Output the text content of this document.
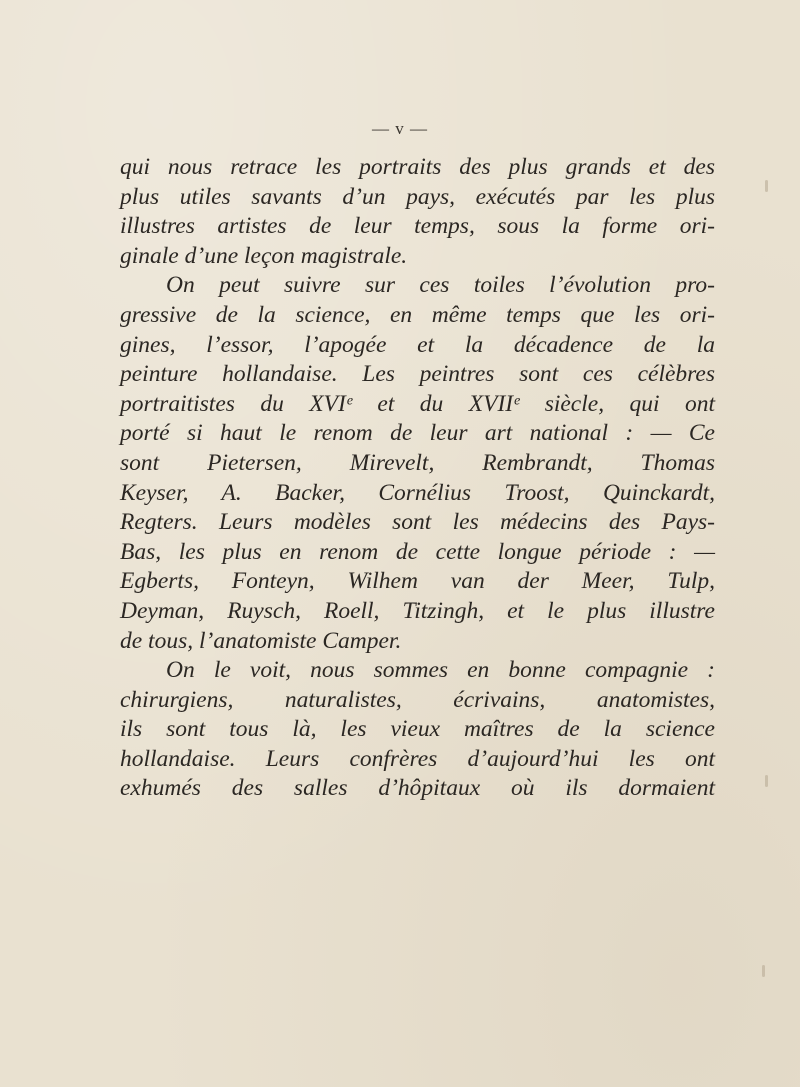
— v —
qui nous retrace les portraits des plus grands et des
plus utiles savants d’un pays, exécutés par les plus
illustres artistes de leur temps, sous la forme ori-
ginale d’une leçon magistrale.
On peut suivre sur ces toiles l’évolution pro-
gressive de la science, en même temps que les ori-
gines, l’essor, l’apogée et la décadence de la
peinture hollandaise. Les peintres sont ces célèbres
portraitistes du XVIᵉ et du XVIIᵉ siècle, qui ont
porté si haut le renom de leur art national : — Ce
sont Pietersen, Mirevelt, Rembrandt, Thomas
Keyser, A. Backer, Cornélius Troost, Quinckardt,
Regters. Leurs modèles sont les médecins des Pays-
Bas, les plus en renom de cette longue période : —
Egberts, Fonteyn, Wilhem van der Meer, Tulp,
Deyman, Ruysch, Roell, Titzingh, et le plus illustre
de tous, l’anatomiste Camper.
On le voit, nous sommes en bonne compagnie :
chirurgiens, naturalistes, écrivains, anatomistes,
ils sont tous là, les vieux maîtres de la science
hollandaise. Leurs confrères d’aujourd’hui les ont
exhumés des salles d’hôpitaux où ils dormaient
